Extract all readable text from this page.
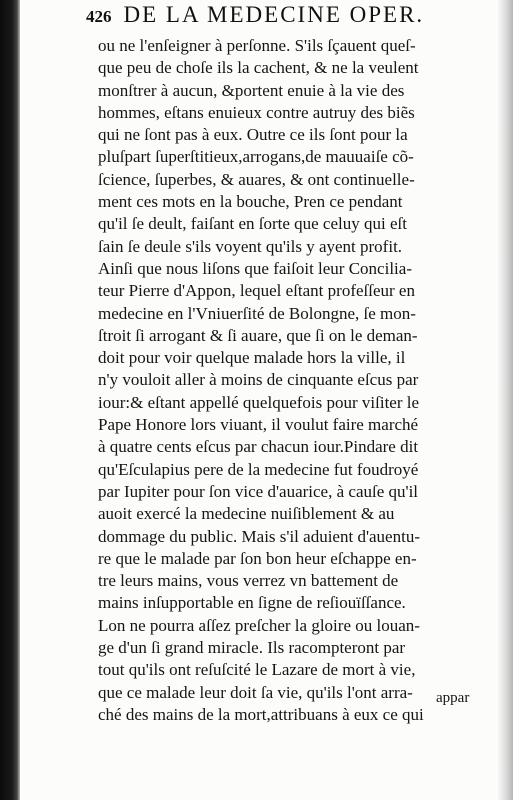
426 DE LA MEDECINE OPER.
ou ne l'enſeigner à perſonne. S'ils ſçauent queſ-
que peu de choſe ils la cachent, & ne la veulent
monſtrer à aucun, &portent enuie à la vie des
hommes, eſtans enuieux contre autruy des biẽs
qui ne ſont pas à eux. Outre ce ils ſont pour la
pluſpart ſuperſtitieux,arrogans,de mauuaiſe cõ-
ſcience, ſuperbes, & auares, & ont continuelle-
ment ces mots en la bouche, Pren ce pendant
qu'il ſe deult, faiſant en ſorte que celuy qui eſt
ſain ſe deule s'ils voyent qu'ils y ayent profit.
Ainſi que nous liſons que faiſoit leur Concilia-
teur Pierre d'Appon, lequel eſtant profeſſeur en
medecine en l'Vniuerſité de Bolongne, ſe mon-
ſtroit ſi arrogant & ſi auare, que ſi on le deman-
doit pour voir quelque malade hors la ville, il
n'y vouloit aller à moins de cinquante eſcus par
iour:& eſtant appellé quelquefois pour viſiter le
Pape Honore lors viuant, il voulut faire marché
à quatre cents eſcus par chacun iour.Pindare dit
qu'Eſculapius pere de la medecine fut foudroyé
par Iupiter pour ſon vice d'auarice, à cauſe qu'il
auoit exercé la medecine nuiſiblement & au
dommage du public. Mais s'il aduient d'auentu-
re que le malade par ſon bon heur eſchappe en-
tre leurs mains, vous verrez vn battement de
mains inſupportable en ſigne de reſiouïſſance.
Lon ne pourra aſſez preſcher la gloire ou louan-
ge d'un ſi grand miracle. Ils racompteront par
tout qu'ils ont reſuſcité le Lazare de mort à vie,
que ce malade leur doit ſa vie, qu'ils l'ont arra-
ché des mains de la mort,attribuans à eux ce qui
appar
